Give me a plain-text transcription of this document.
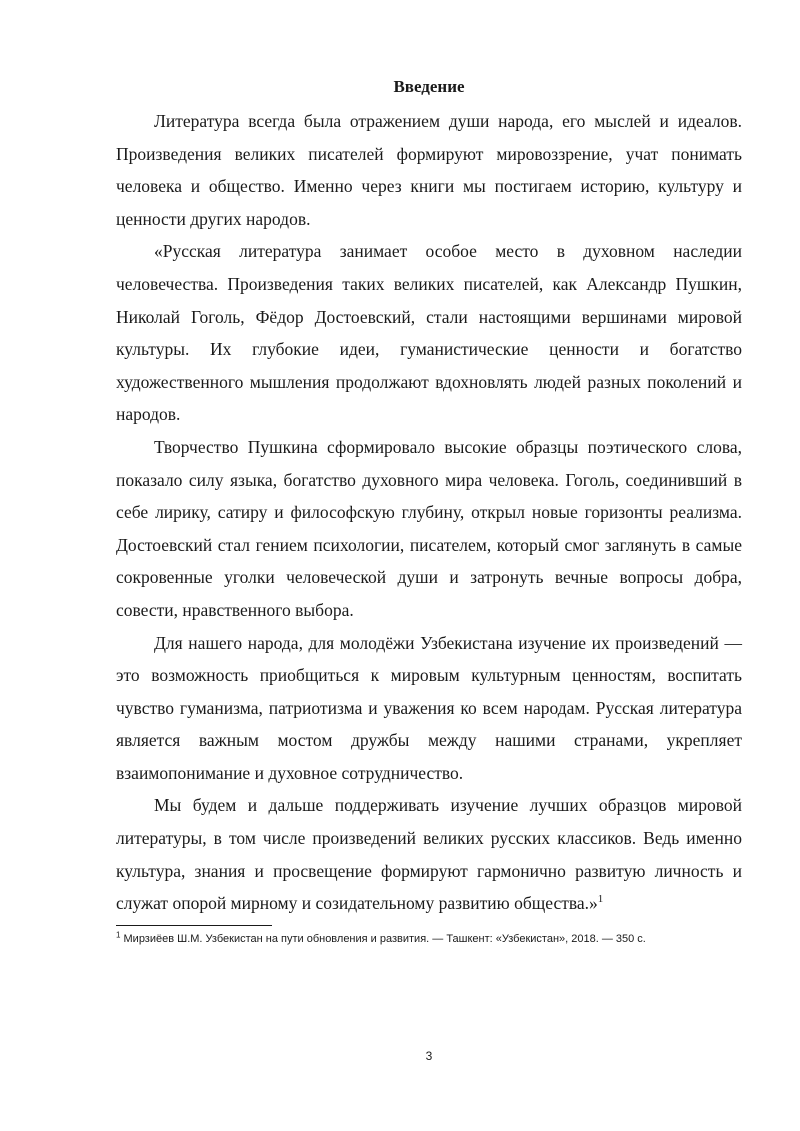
Введение

Литература всегда была отражением души народа, его мыслей и идеалов. Произведения великих писателей формируют мировоззрение, учат понимать человека и общество. Именно через книги мы постигаем историю, культуру и ценности других народов.

«Русская литература занимает особое место в духовном наследии человечества. Произведения таких великих писателей, как Александр Пушкин, Николай Гоголь, Фёдор Достоевский, стали настоящими вершинами мировой культуры. Их глубокие идеи, гуманистические ценности и богатство художественного мышления продолжают вдохновлять людей разных поколений и народов.

Творчество Пушкина сформировало высокие образцы поэтического слова, показало силу языка, богатство духовного мира человека. Гоголь, соединивший в себе лирику, сатиру и философскую глубину, открыл новые горизонты реализма. Достоевский стал гением психологии, писателем, который смог заглянуть в самые сокровенные уголки человеческой души и затронуть вечные вопросы добра, совести, нравственного выбора.

Для нашего народа, для молодёжи Узбекистана изучение их произведений — это возможность приобщиться к мировым культурным ценностям, воспитать чувство гуманизма, патриотизма и уважения ко всем народам. Русская литература является важным мостом дружбы между нашими странами, укрепляет взаимопонимание и духовное сотрудничество.

Мы будем и дальше поддерживать изучение лучших образцов мировой литературы, в том числе произведений великих русских классиков. Ведь именно культура, знания и просвещение формируют гармонично развитую личность и служат опорой мирному и созидательному развитию общества.»$^1$

$^1$ Мирзиёев Ш.М. Узбекистан на пути обновления и развития. — Ташкент: «Узбекистан», 2018. — 350 с.
3
